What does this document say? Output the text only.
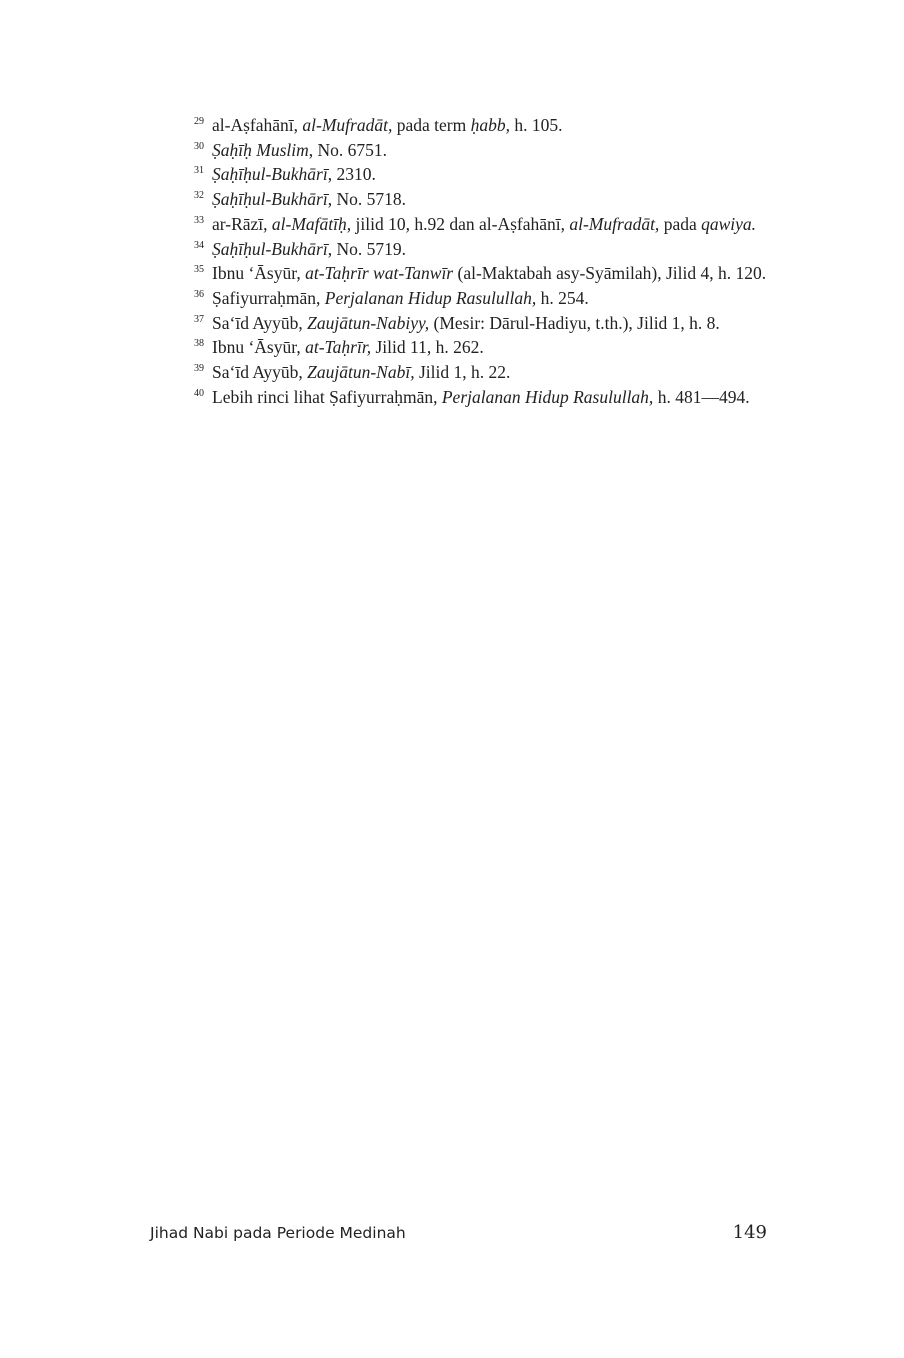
$^{29}$ al-Aṣfahānī, al-Mufradāt, pada term ḥabb, h. 105.

$^{30}$ Ṣaḥīḥ Muslim, No. 6751.

$^{31}$ Ṣaḥīḥul-Bukhārī, 2310.

$^{32}$ Ṣaḥīḥul-Bukhārī, No. 5718.

$^{33}$ ar-Rāzī, al-Mafātīḥ, jilid 10, h.92 dan al-Aṣfahānī, al-Mufradāt, pada qawiya.

$^{34}$ Ṣaḥīḥul-Bukhārī, No. 5719.

$^{35}$ Ibnu ‘Āsyūr, at-Taḥrīr wat-Tanwīr (al-Maktabah asy-Syāmilah), Jilid 4, h. 120.

$^{36}$ Ṣafiyurraḥmān, Perjalanan Hidup Rasulullah, h. 254.

$^{37}$ Sa‘īd Ayyūb, Zaujātun-Nabiyy, (Mesir: Dārul-Hadiyu, t.th.), Jilid 1, h. 8.

$^{38}$ Ibnu ‘Āsyūr, at-Taḥrīr, Jilid 11, h. 262.

$^{39}$ Sa‘īd Ayyūb, Zaujātun-Nabī, Jilid 1, h. 22.

$^{40}$ Lebih rinci lihat Ṣafiyurraḥmān, Perjalanan Hidup Rasulullah, h. 481—494.

Jihad Nabi pada Periode Medinah	149
